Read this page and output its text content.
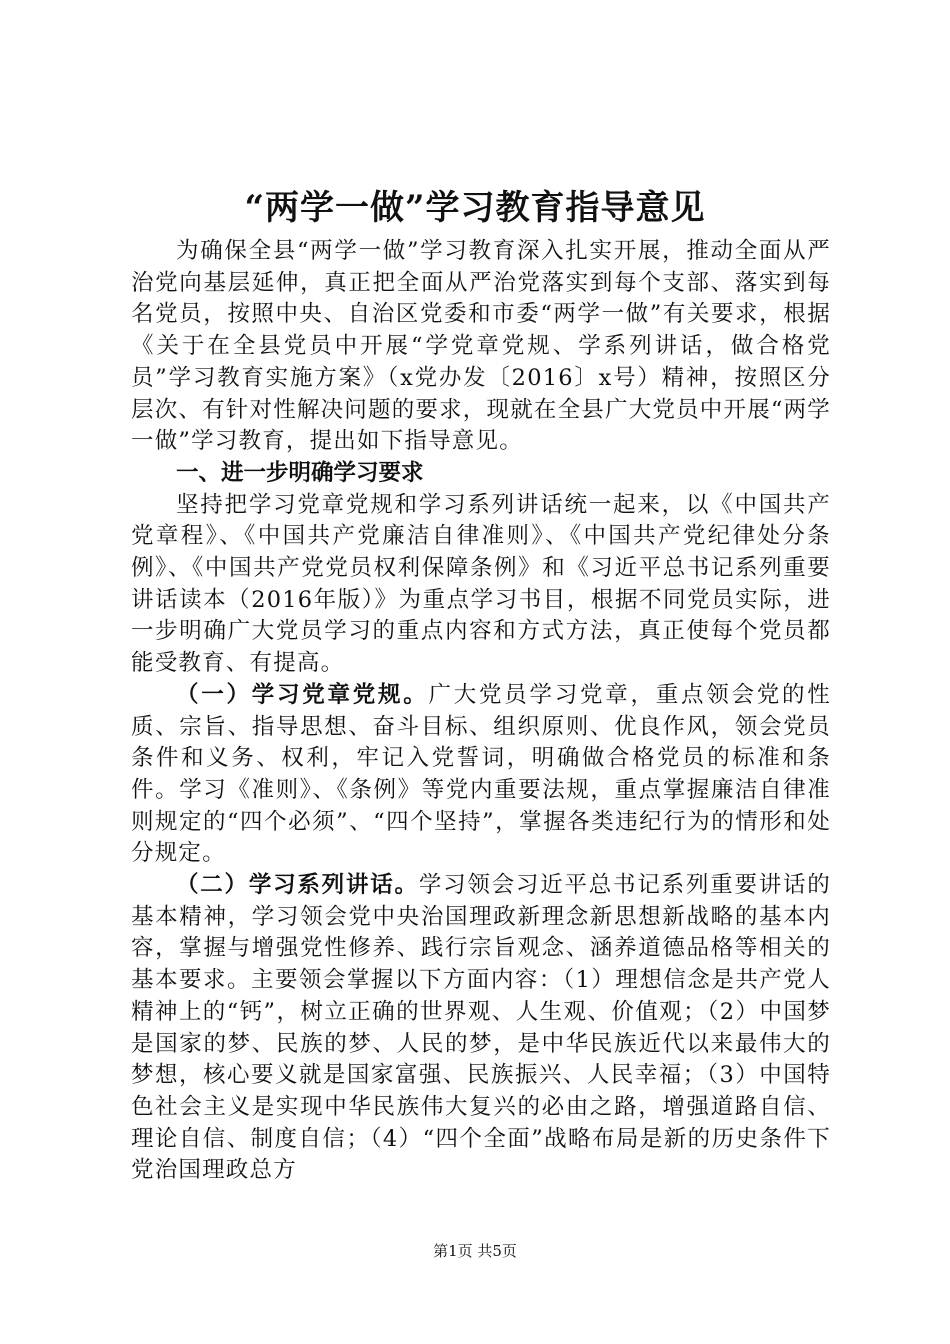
“两学一做”学习教育指导意见

为确保全县“两学一做”学习教育深入扎实开展，推动全面从严治党向基层延伸，真正把全面从严治党落实到每个支部、落实到每名党员，按照中央、自治区党委和市委“两学一做”有关要求，根据《关于在全县党员中开展“学党章党规、学系列讲话，做合格党员”学习教育实施方案》（x党办发〔2016〕x号）精神，按照区分层次、有针对性解决问题的要求，现就在全县广大党员中开展“两学一做”学习教育，提出如下指导意见。

一、进一步明确学习要求

坚持把学习党章党规和学习系列讲话统一起来，以《中国共产党章程》、《中国共产党廉洁自律准则》、《中国共产党纪律处分条例》、《中国共产党党员权利保障条例》和《习近平总书记系列重要讲话读本（2016年版）》为重点学习书目，根据不同党员实际，进一步明确广大党员学习的重点内容和方式方法，真正使每个党员都能受教育、有提高。

（一）学习党章党规。广大党员学习党章，重点领会党的性质、宗旨、指导思想、奋斗目标、组织原则、优良作风，领会党员条件和义务、权利，牢记入党誓词，明确做合格党员的标准和条件。学习《准则》、《条例》等党内重要法规，重点掌握廉洁自律准则规定的“四个必须”、“四个坚持”，掌握各类违纪行为的情形和处分规定。

（二）学习系列讲话。学习领会习近平总书记系列重要讲话的基本精神，学习领会党中央治国理政新理念新思想新战略的基本内容，掌握与增强党性修养、践行宗旨观念、涵养道德品格等相关的基本要求。主要领会掌握以下方面内容：（1）理想信念是共产党人精神上的“钙”，树立正确的世界观、人生观、价值观；（2）中国梦是国家的梦、民族的梦、人民的梦，是中华民族近代以来最伟大的梦想，核心要义就是国家富强、民族振兴、人民幸福；（3）中国特色社会主义是实现中华民族伟大复兴的必由之路，增强道路自信、理论自信、制度自信；（4）“四个全面”战略布局是新的历史条件下党治国理政总方

第1页 共5页
